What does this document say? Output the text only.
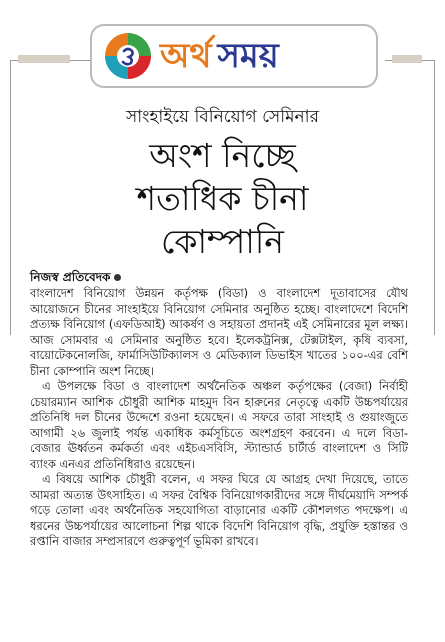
অর্থ সময়
সাংহাইয়ে বিনিয়োগ সেমিনার
অংশ নিচ্ছে
শতাধিক চীনা
কোম্পানি
নিজস্ব প্রতিবেদক

বাংলাদেশ বিনিয়োগ উন্নয়ন কর্তৃপক্ষ (বিডা) ও বাংলাদেশ দূতাবাসের যৌথ আয়োজনে চীনের সাংহাইয়ে বিনিয়োগ সেমিনার অনুষ্ঠিত হচ্ছে। বাংলাদেশে বিদেশি প্রত্যক্ষ বিনিয়োগ (এফডিআই) আকর্ষণ ও সহায়তা প্রদানই এই সেমিনারের মূল লক্ষ্য। আজ সোমবার এ সেমিনার অনুষ্ঠিত হবে। ইলেকট্রনিক্স, টেক্সটাইল, কৃষি ব্যবসা, বায়োটেকনোলজি, ফার্মাসিউটিক্যালস ও মেডিক্যাল ডিভাইস খাতের ১০০-এর বেশি চীনা কোম্পানি অংশ নিচ্ছে।

এ উপলক্ষে বিডা ও বাংলাদেশ অর্থনৈতিক অঞ্চল কর্তৃপক্ষের (বেজা) নির্বাহী চেয়ারম্যান আশিক চৌধুরী আশিক মাহমুদ বিন হারুনের নেতৃত্বে একটি উচ্চপর্যায়ের প্রতিনিধি দল চীনের উদ্দেশে রওনা হয়েছেন। এ সফরে তারা সাংহাই ও গুয়াংজুতে আগামী ২৬ জুলাই পর্যন্ত একাধিক কর্মসূচিতে অংশগ্রহণ করবেন। এ দলে বিডা-বেজার ঊর্ধ্বতন কর্মকর্তা এবং এইচএসবিসি, স্ট্যান্ডার্ড চার্টার্ড বাংলাদেশ ও সিটি ব্যাংক এনএর প্রতিনিধিরাও রয়েছেন।

এ বিষয়ে আশিক চৌধুরী বলেন, এ সফর ঘিরে যে আগ্রহ দেখা দিয়েছে, তাতে আমরা অত্যন্ত উৎসাহিত। এ সফর বৈশ্বিক বিনিয়োগকারীদের সঙ্গে দীর্ঘমেয়াদি সম্পর্ক গড়ে তোলা এবং অর্থনৈতিক সহযোগিতা বাড়ানোর একটি কৌশলগত পদক্ষেপ। এ ধরনের উচ্চপর্যায়ের আলোচনা শিল্প থাকে বিদেশি বিনিয়োগ বৃদ্ধি, প্রযুক্তি হস্তান্তর ও রপ্তানি বাজার সম্প্রসারণে গুরুত্বপূর্ণ ভূমিকা রাখবে।
